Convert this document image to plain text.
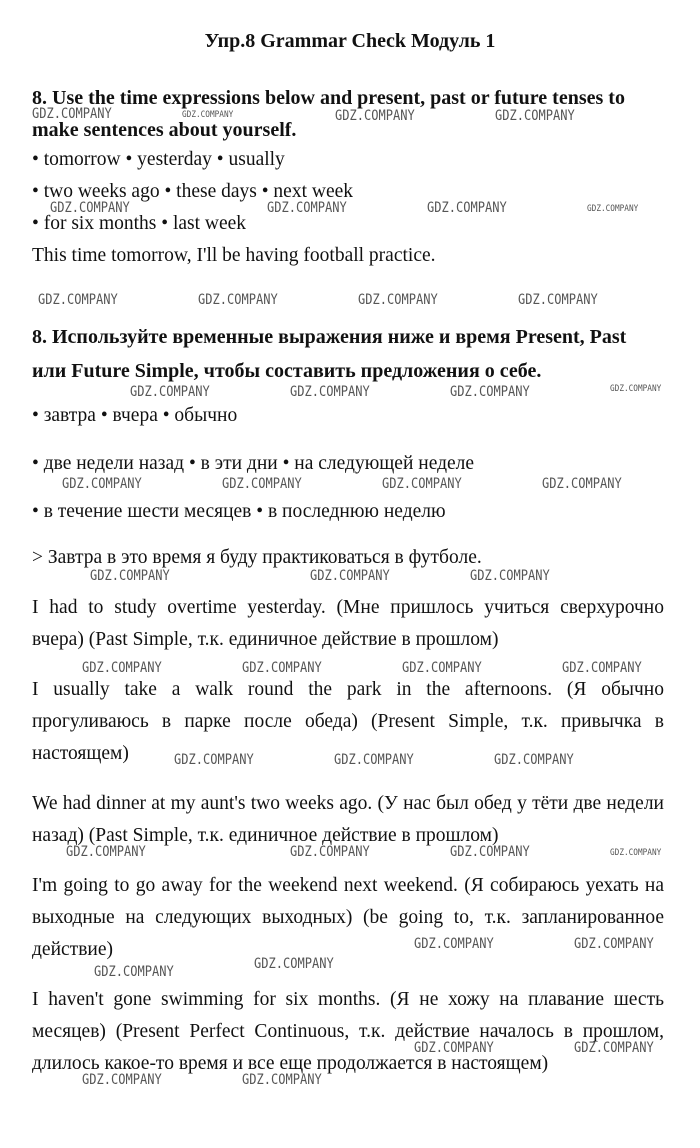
Упр.8 Grammar Check Модуль 1

8. Use the time expressions below and present, past or future tenses to make sentences about yourself.

• tomorrow • yesterday • usually

• two weeks ago • these days • next week

• for six months • last week

This time tomorrow, I'll be having football practice.

8. Используйте временные выражения ниже и время Present, Past или Future Simple, чтобы составить предложения о себе.

• завтра • вчера • обычно

• две недели назад • в эти дни • на следующей неделе

• в течение шести месяцев • в последнюю неделю

> Завтра в это время я буду практиковаться в футболе.

I had to study overtime yesterday. (Мне пришлось учиться сверхурочно вчера) (Past Simple, т.к. единичное действие в прошлом)

I usually take a walk round the park in the afternoons. (Я обычно прогуливаюсь в парке после обеда) (Present Simple, т.к. привычка в настоящем)

We had dinner at my aunt's two weeks ago. (У нас был обед у тёти две недели назад) (Past Simple, т.к. единичное действие в прошлом)

I'm going to go away for the weekend next weekend. (Я собираюсь уехать на выходные на следующих выходных) (be going to, т.к. запланированное действие)

I haven't gone swimming for six months. (Я не хожу на плавание шесть месяцев) (Present Perfect Continuous, т.к. действие началось в прошлом, длилось какое-то время и все еще продолжается в настоящем)

GDZ.COMPANY	GDZ.COMPANY	GDZ.COMPANY	GDZ.COMPANY
GDZ.COMPANY	GDZ.COMPANY	GDZ.COMPANY	GDZ.COMPANY
GDZ.COMPANY	GDZ.COMPANY	GDZ.COMPANY	GDZ.COMPANY
GDZ.COMPANY	GDZ.COMPANY	GDZ.COMPANY	GDZ.COMPANY
GDZ.COMPANY	GDZ.COMPANY	GDZ.COMPANY	GDZ.COMPANY
GDZ.COMPANY	GDZ.COMPANY	GDZ.COMPANY
GDZ.COMPANY	GDZ.COMPANY	GDZ.COMPANY	GDZ.COMPANY
GDZ.COMPANY	GDZ.COMPANY	GDZ.COMPANY
GDZ.COMPANY	GDZ.COMPANY	GDZ.COMPANY	GDZ.COMPANY
GDZ.COMPANY	GDZ.COMPANY
GDZ.COMPANY
GDZ.COMPANY
GDZ.COMPANY	GDZ.COMPANY
GDZ.COMPANY	GDZ.COMPANY
